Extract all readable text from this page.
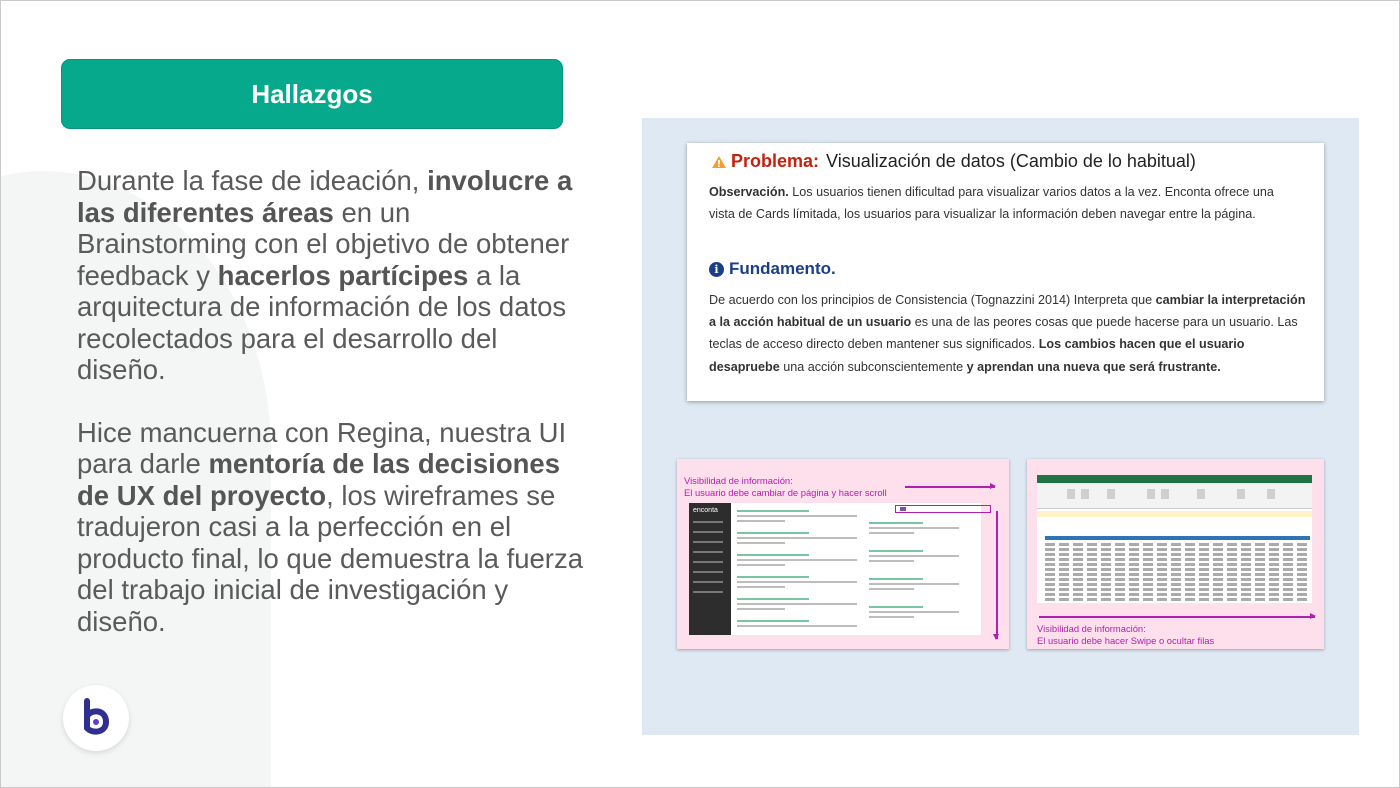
Hallazgos

Durante la fase de ideación, involucre a las diferentes áreas en un Brainstorming con el objetivo de obtener feedback y hacerlos partícipes a la arquitectura de información de los datos recolectados para el desarrollo del diseño.

Hice mancuerna con Regina, nuestra UI para darle mentoría de las decisiones de UX del proyecto, los wireframes se tradujeron casi a la perfección en el producto final, lo que demuestra la fuerza del trabajo inicial de investigación y diseño.

Problema: Visualización de datos (Cambio de lo habitual)

Observación. Los usuarios tienen dificultad para visualizar varios datos a la vez. Enconta ofrece una vista de Cards límitada, los usuarios para visualizar la información deben navegar entre la página.

i Fundamento.

De acuerdo con los principios de Consistencia (Tognazzini 2014) Interpreta que cambiar la interpretación a la acción habitual de un usuario es una de las peores cosas que puede hacerse para un usuario. Las teclas de acceso directo deben mantener sus significados. Los cambios hacen que el usuario desapruebe una acción subconscientemente y aprendan una nueva que será frustrante.

Visibilidad de información:
El usuario debe cambiar de página y hacer scroll
enconta
Visibilidad de información:
El usuario debe hacer Swipe o ocultar filas
